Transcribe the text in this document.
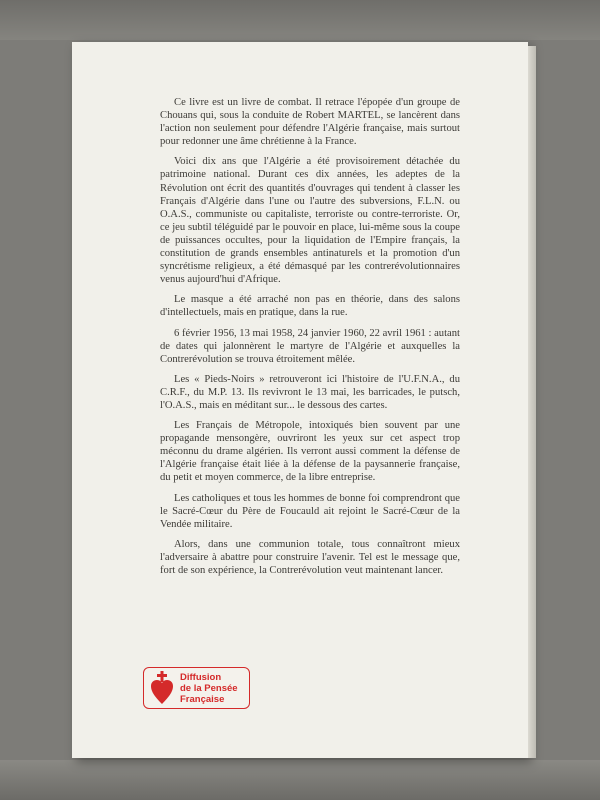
Ce livre est un livre de combat. Il retrace l'épopée d'un groupe de Chouans qui, sous la conduite de Robert MARTEL, se lancèrent dans l'action non seulement pour défendre l'Algérie française, mais surtout pour redonner une âme chrétienne à la France.

Voici dix ans que l'Algérie a été provisoirement détachée du patrimoine national. Durant ces dix années, les adeptes de la Révolution ont écrit des quantités d'ouvrages qui tendent à classer les Français d'Algérie dans l'une ou l'autre des subversions, F.L.N. ou O.A.S., communiste ou capitaliste, terroriste ou contre-terroriste. Or, ce jeu subtil téléguidé par le pouvoir en place, lui-même sous la coupe de puissances occultes, pour la liquidation de l'Empire français, la constitution de grands ensembles antinaturels et la promotion d'un syncrétisme religieux, a été démasqué par les contrerévolutionnaires venus aujourd'hui d'Afrique.

Le masque a été arraché non pas en théorie, dans des salons d'intellectuels, mais en pratique, dans la rue.

6 février 1956, 13 mai 1958, 24 janvier 1960, 22 avril 1961 : autant de dates qui jalonnèrent le martyre de l'Algérie et auxquelles la Contrerévolution se trouva étroitement mêlée.

Les « Pieds-Noirs » retrouveront ici l'histoire de l'U.F.N.A., du C.R.F., du M.P. 13. Ils revivront le 13 mai, les barricades, le putsch, l'O.A.S., mais en méditant sur... le dessous des cartes.

Les Français de Métropole, intoxiqués bien souvent par une propagande mensongère, ouvriront les yeux sur cet aspect trop méconnu du drame algérien. Ils verront aussi comment la défense de l'Algérie française était liée à la défense de la paysannerie française, du petit et moyen commerce, de la libre entreprise.

Les catholiques et tous les hommes de bonne foi comprendront que le Sacré-Cœur du Père de Foucauld ait rejoint le Sacré-Cœur de la Vendée militaire.

Alors, dans une communion totale, tous connaîtront mieux l'adversaire à abattre pour construire l'avenir. Tel est le message que, fort de son expérience, la Contrerévolution veut maintenant lancer.

Diffusion
de la Pensée
Française
